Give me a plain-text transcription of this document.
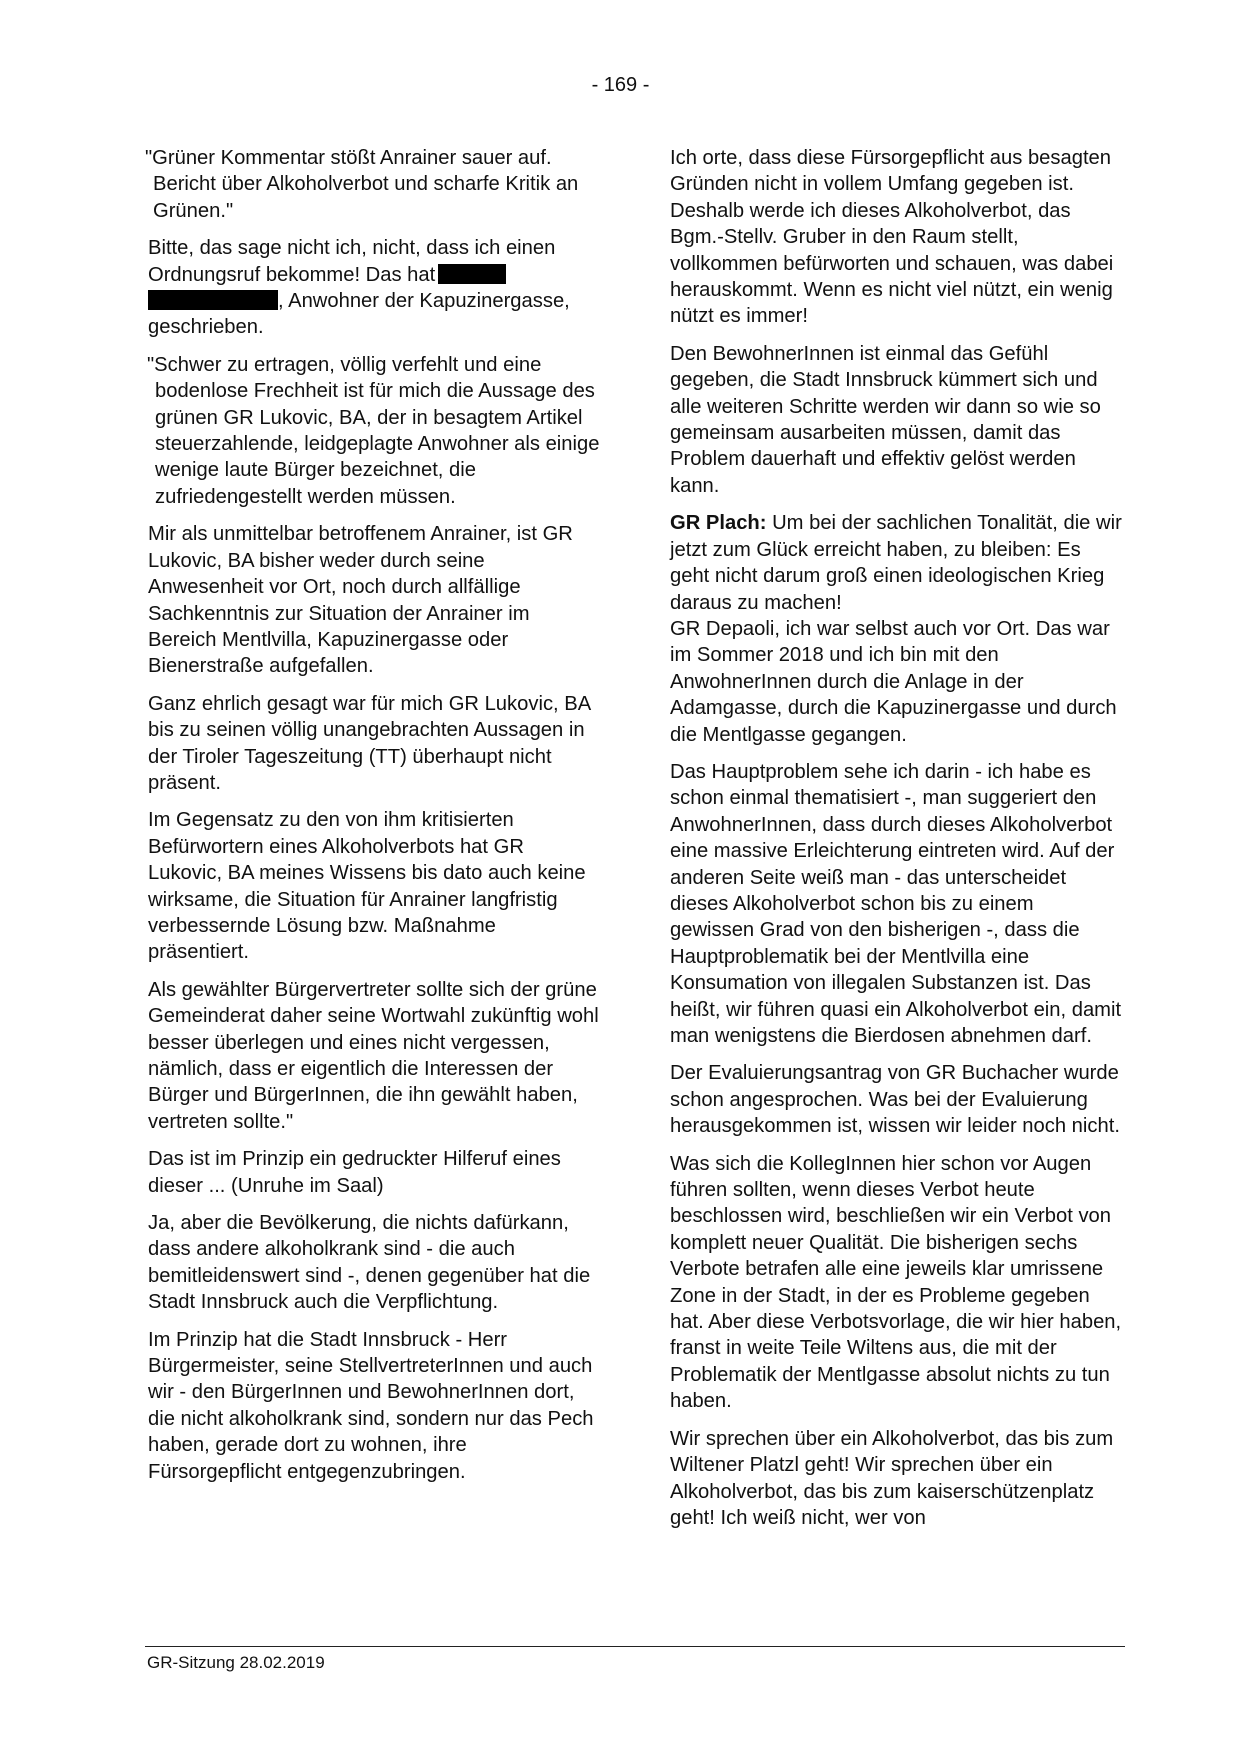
- 169 -

"Grüner Kommentar stößt Anrainer sauer auf. Bericht über Alkoholverbot und scharfe Kritik an Grünen."

Bitte, das sage nicht ich, nicht, dass ich einen Ordnungsruf bekomme! Das hat
, Anwohner der Kapuzinergasse, geschrieben.

"Schwer zu ertragen, völlig verfehlt und eine bodenlose Frechheit ist für mich die Aussage des grünen GR Lukovic, BA, der in besagtem Artikel steuerzahlende, leidgeplagte Anwohner als einige wenige laute Bürger bezeichnet, die zufriedengestellt werden müssen.

Mir als unmittelbar betroffenem Anrainer, ist GR Lukovic, BA bisher weder durch seine Anwesenheit vor Ort, noch durch allfällige Sachkenntnis zur Situation der Anrainer im Bereich Mentlvilla, Kapuzinergasse oder Bienerstraße aufgefallen.

Ganz ehrlich gesagt war für mich GR Lukovic, BA bis zu seinen völlig unangebrachten Aussagen in der Tiroler Tageszeitung (TT) überhaupt nicht präsent.

Im Gegensatz zu den von ihm kritisierten Befürwortern eines Alkoholverbots hat GR Lukovic, BA meines Wissens bis dato auch keine wirksame, die Situation für Anrainer langfristig verbessernde Lösung bzw. Maßnahme präsentiert.

Als gewählter Bürgervertreter sollte sich der grüne Gemeinderat daher seine Wortwahl zukünftig wohl besser überlegen und eines nicht vergessen, nämlich, dass er eigentlich die Interessen der Bürger und BürgerInnen, die ihn gewählt haben, vertreten sollte."

Das ist im Prinzip ein gedruckter Hilferuf eines dieser ... (Unruhe im Saal)

Ja, aber die Bevölkerung, die nichts dafürkann, dass andere alkoholkrank sind - die auch bemitleidenswert sind -, denen gegenüber hat die Stadt Innsbruck auch die Verpflichtung.

Im Prinzip hat die Stadt Innsbruck - Herr Bürgermeister, seine StellvertreterInnen und auch wir - den BürgerInnen und BewohnerInnen dort, die nicht alkoholkrank sind, sondern nur das Pech haben, gerade dort zu wohnen, ihre Fürsorgepflicht entgegenzubringen.

Ich orte, dass diese Fürsorgepflicht aus besagten Gründen nicht in vollem Umfang gegeben ist. Deshalb werde ich dieses Alkoholverbot, das Bgm.-Stellv. Gruber in den Raum stellt, vollkommen befürworten und schauen, was dabei herauskommt. Wenn es nicht viel nützt, ein wenig nützt es immer!

Den BewohnerInnen ist einmal das Gefühl gegeben, die Stadt Innsbruck kümmert sich und alle weiteren Schritte werden wir dann so wie so gemeinsam ausarbeiten müssen, damit das Problem dauerhaft und effektiv gelöst werden kann.

GR Plach: Um bei der sachlichen Tonalität, die wir jetzt zum Glück erreicht haben, zu bleiben: Es geht nicht darum groß einen ideologischen Krieg daraus zu machen!
GR Depaoli, ich war selbst auch vor Ort. Das war im Sommer 2018 und ich bin mit den AnwohnerInnen durch die Anlage in der Adamgasse, durch die Kapuzinergasse und durch die Mentlgasse gegangen.

Das Hauptproblem sehe ich darin - ich habe es schon einmal thematisiert -, man suggeriert den AnwohnerInnen, dass durch dieses Alkoholverbot eine massive Erleichterung eintreten wird. Auf der anderen Seite weiß man - das unterscheidet dieses Alkoholverbot schon bis zu einem gewissen Grad von den bisherigen -, dass die Hauptproblematik bei der Mentlvilla eine Konsumation von illegalen Substanzen ist. Das heißt, wir führen quasi ein Alkoholverbot ein, damit man wenigstens die Bierdosen abnehmen darf.

Der Evaluierungsantrag von GR Buchacher wurde schon angesprochen. Was bei der Evaluierung herausgekommen ist, wissen wir leider noch nicht.

Was sich die KollegInnen hier schon vor Augen führen sollten, wenn dieses Verbot heute beschlossen wird, beschließen wir ein Verbot von komplett neuer Qualität. Die bisherigen sechs Verbote betrafen alle eine jeweils klar umrissene Zone in der Stadt, in der es Probleme gegeben hat. Aber diese Verbotsvorlage, die wir hier haben, franst in weite Teile Wiltens aus, die mit der Problematik der Mentlgasse absolut nichts zu tun haben.

Wir sprechen über ein Alkoholverbot, das bis zum Wiltener Platzl geht! Wir sprechen über ein Alkoholverbot, das bis zum kaiserschützenplatz geht! Ich weiß nicht, wer von

GR-Sitzung 28.02.2019
